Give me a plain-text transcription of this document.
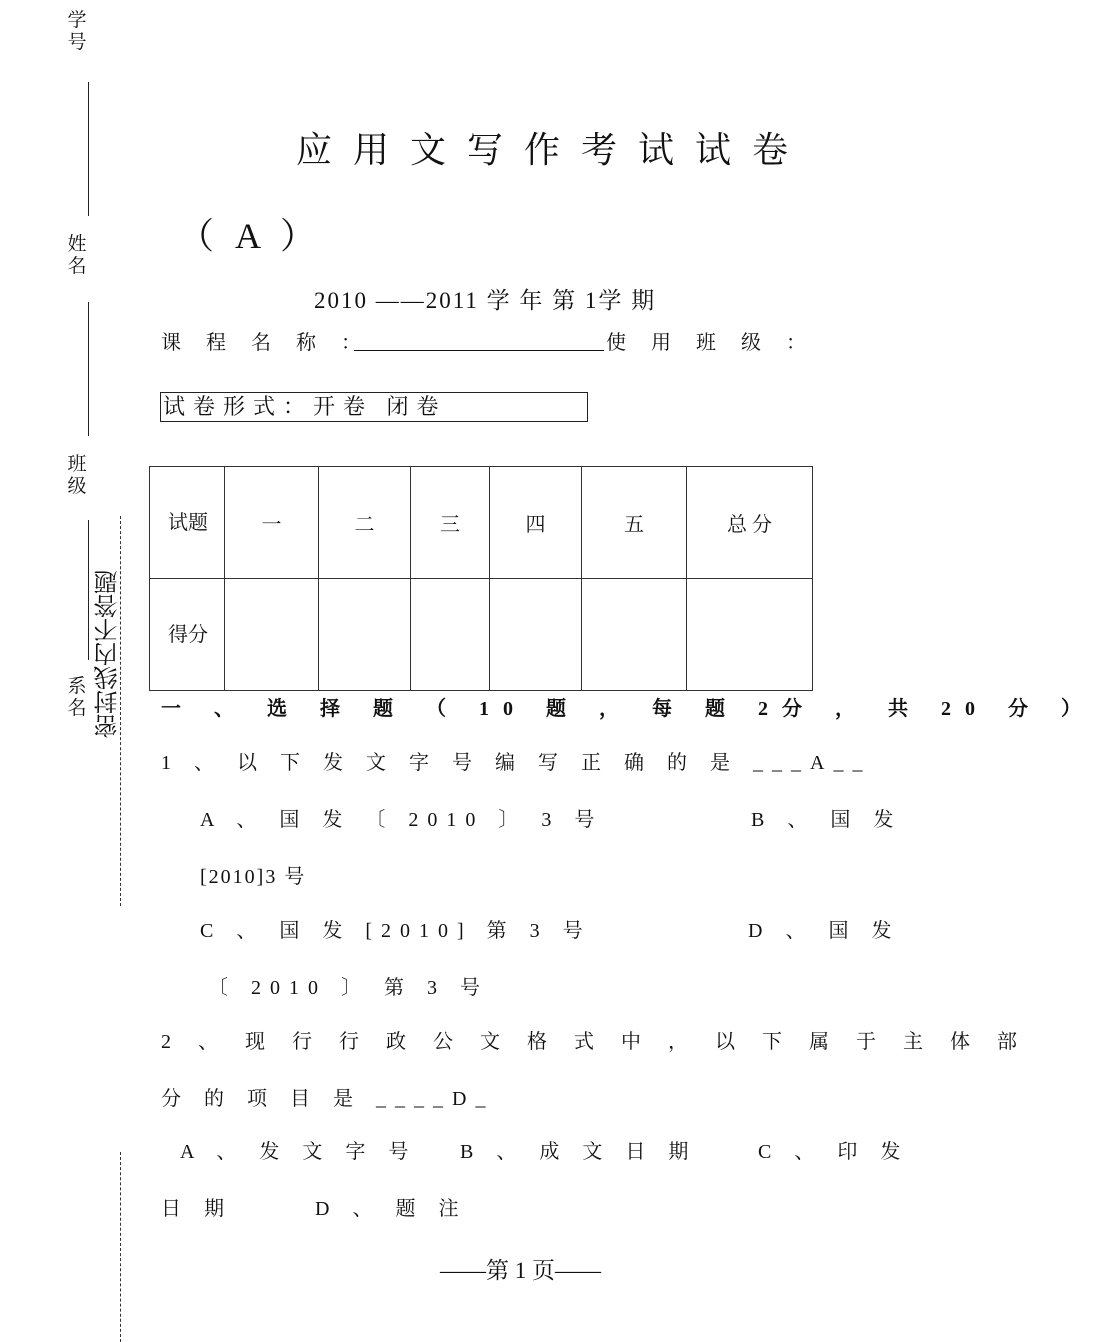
学号
姓名
班级
系名 密封线内不答题
应用文写作考试试卷
（ A ）
2010 ——2011 学 年 第 1学 期
课 程 名 称 ：	使 用 班 级 ：
试卷形式：开卷 闭卷
试题	一	二	三	四	五	总 分
得分						
一 、 选 择 题 （ 10 题 ， 每 题 2分 ， 共 20 分 ）
1 、 以 下 发 文 字 号 编 写 正 确 的 是 ___A__
A 、 国 发 〔 2010 〕 3 号	B 、 国 发
[2010]3 号
C 、 国 发 [2010] 第 3 号	D 、 国 发
〔 2010 〕 第 3 号
2 、 现 行 行 政 公 文 格 式 中 ， 以 下 属 于 主 体 部
分 的 项 目 是 ____D_
A 、 发 文 字 号 B 、 成 文 日 期	C 、 印 发
日 期	D 、 题 注
——第 1 页——
